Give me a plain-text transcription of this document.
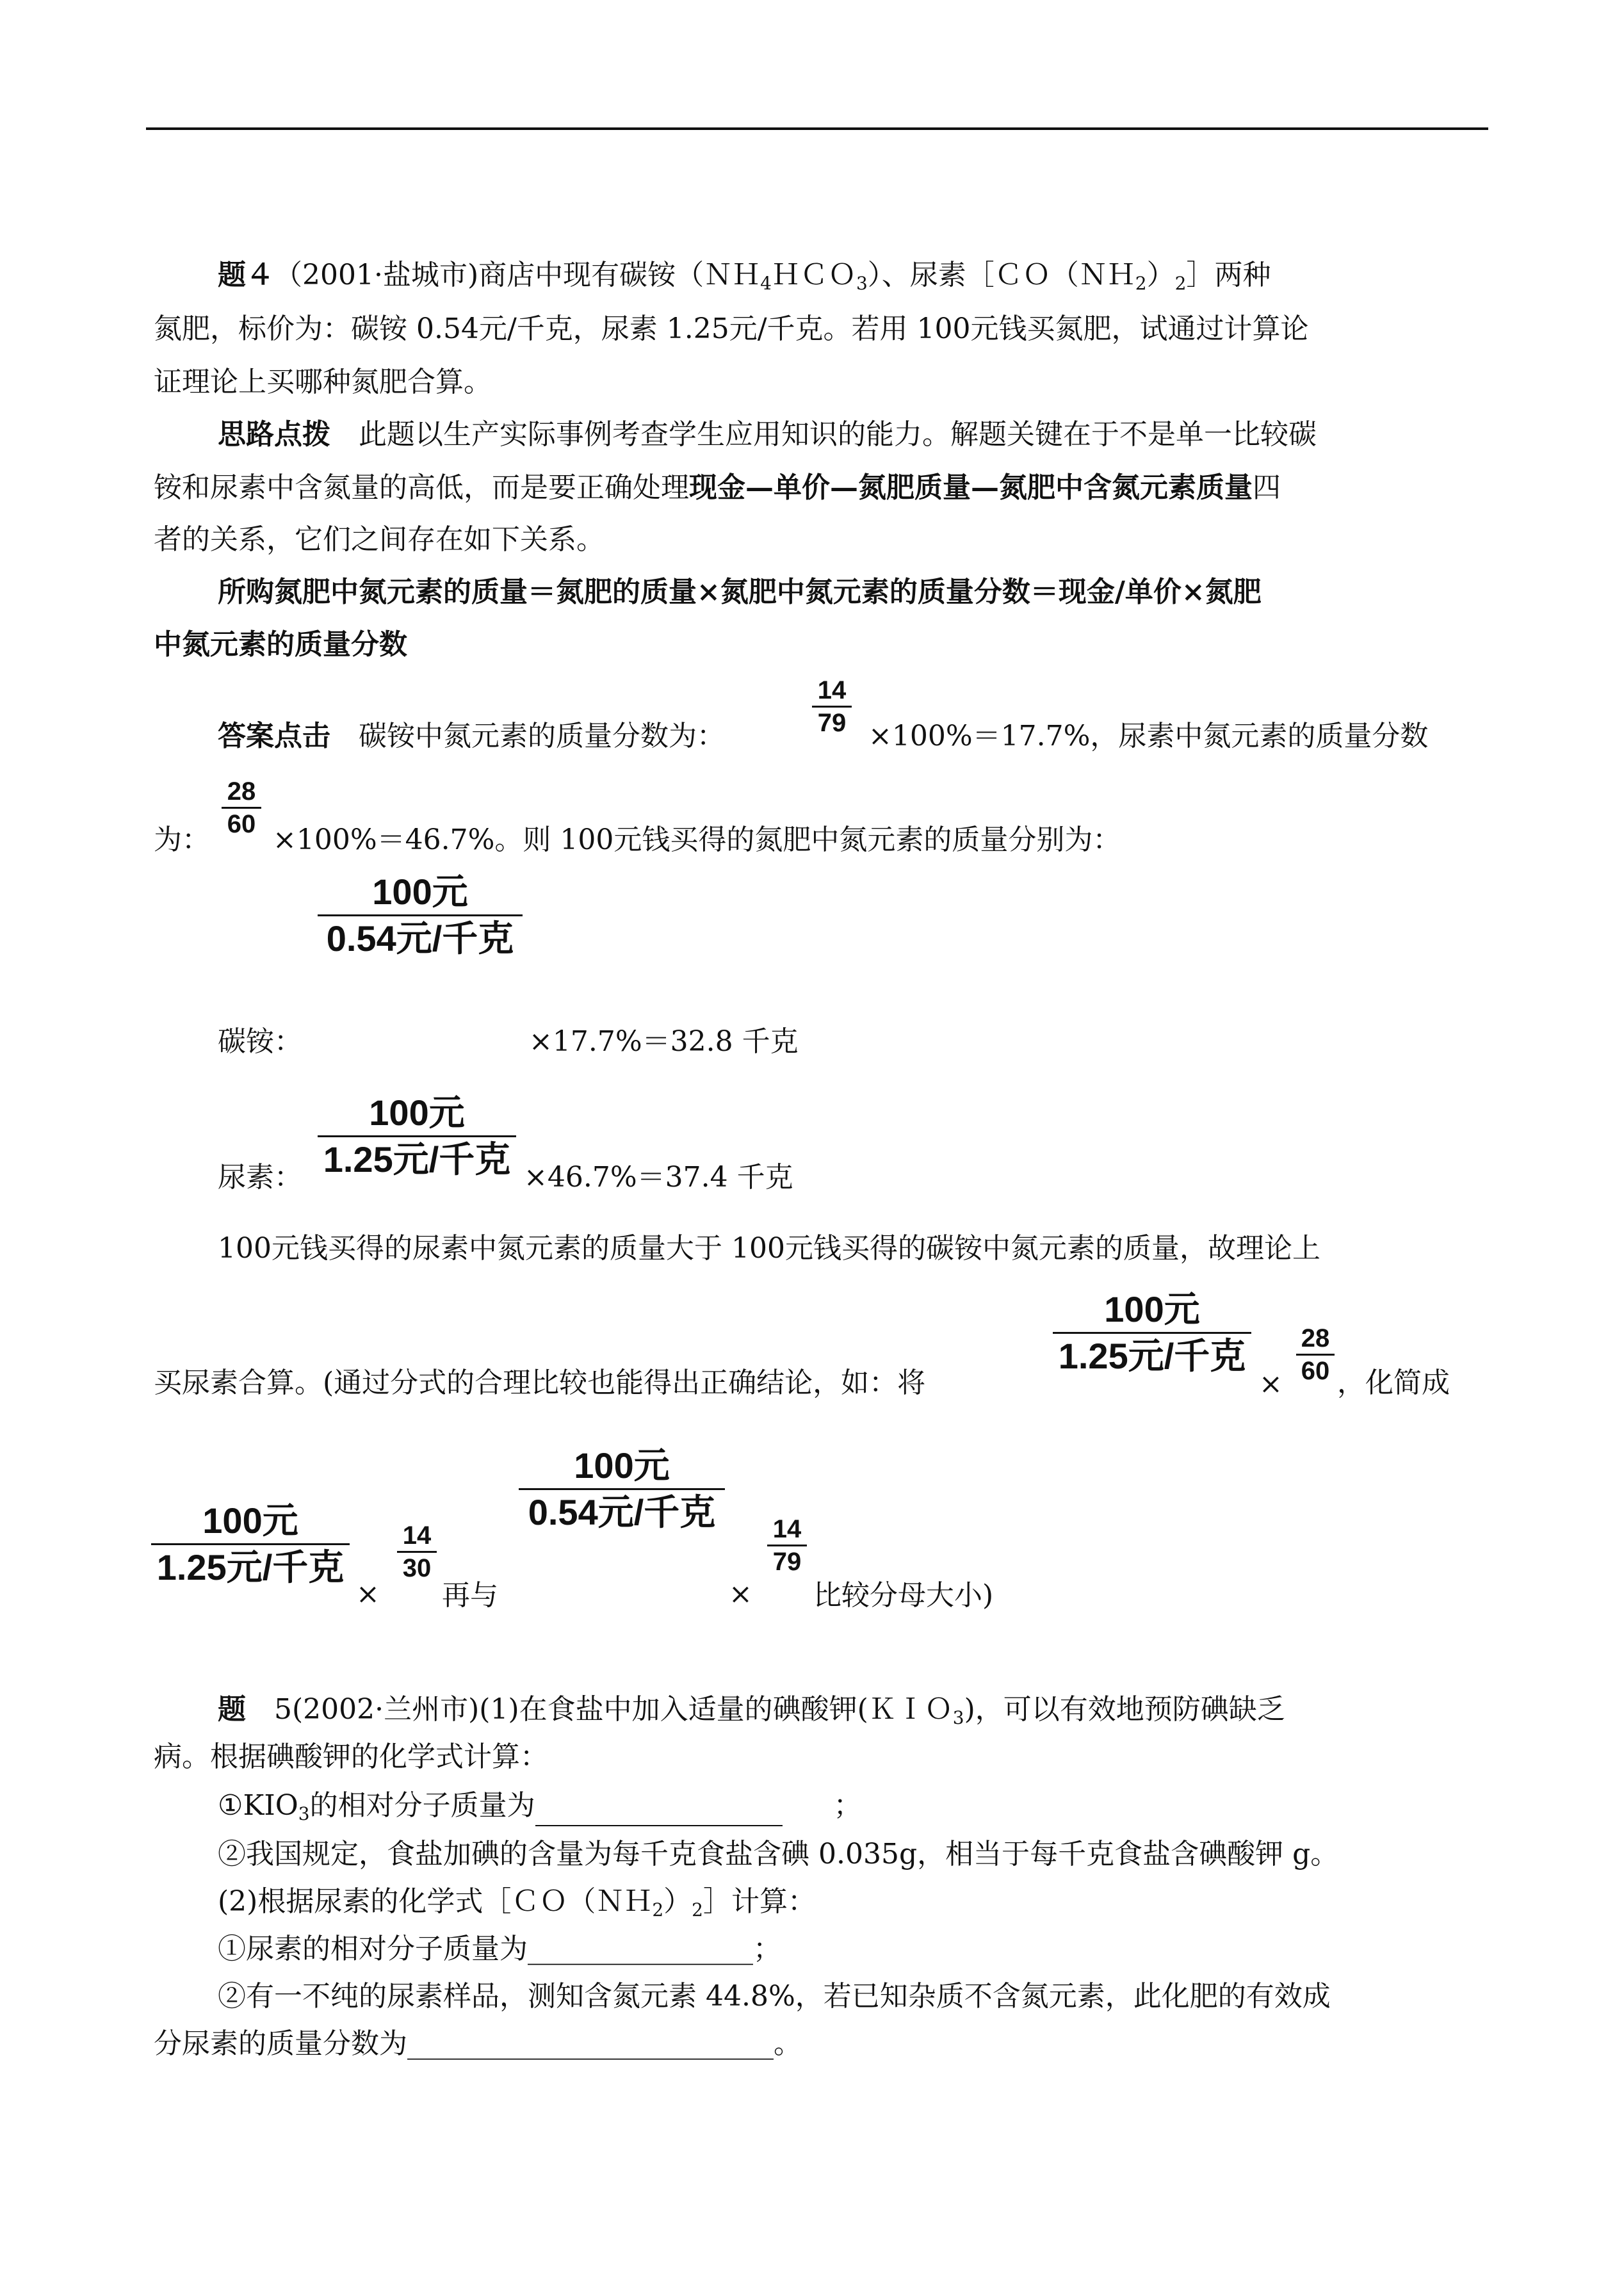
题４（2001·盐城市)商店中现有碳铵（ＮＨ$_4$ＨＣＯ$_3$）、尿素$[CO(NH_2)_2]$两种
氮肥，标价为：碳铵 0.54元/千克，尿素 1.25元/千克。若用 100元钱买氮肥，试通过计算论
证理论上买哪种氮肥合算。
思路点拨　此题以生产实际事例考查学生应用知识的能力。解题关键在于不是单一比较碳
铵和尿素中含氮量的高低，而是要正确处理现金—单价—氮肥质量—氮肥中含氮元素质量四
者的关系，它们之间存在如下关系。
所购氮肥中氮元素的质量＝氮肥的质量×氮肥中氮元素的质量分数＝现金/单价×氮肥
中氮元素的质量分数
答案点击　碳铵中氮元素的质量分数为：
14
79 ×100%＝17.7%，尿素中氮元素的质量分数
28
60
为： ×100%＝46.7%。则 100元钱买得的氮肥中氮元素的质量分别为：
100元
0.54元/千克
碳铵：	×17.7%＝32.8 千克
100元
1.25元/千克
尿素：	×46.7%＝37.4 千克
100元钱买得的尿素中氮元素的质量大于 100元钱买得的碳铵中氮元素的质量，故理论上
买尿素合算。(通过分式的合理比较也能得出正确结论，如：将
100元
1.25元/千克
×
28
60 ，化简成
100元
1.25元/千克
×
14
30
再与
100元
0.54元/千克
×
14
79
比较分母大小)
题　5(2002·兰州市)(1)在食盐中加入适量的碘酸钾(ＫＩＯ$_3$)，可以有效地预防碘缺乏
病。根据碘酸钾的化学式计算：
$①KIO_3$的相对分子质量为	；
②我国规定，食盐加碘的含量为每千克食盐含碘 0.035g，相当于每千克食盐含碘酸钾 g。
(2)根据尿素的化学式$[CO(NH_2)_2]$计算：
①尿素的相对分子质量为________________；
②有一不纯的尿素样品，测知含氮元素 44.8%，若已知杂质不含氮元素，此化肥的有效成
分尿素的质量分数为__________________________。
